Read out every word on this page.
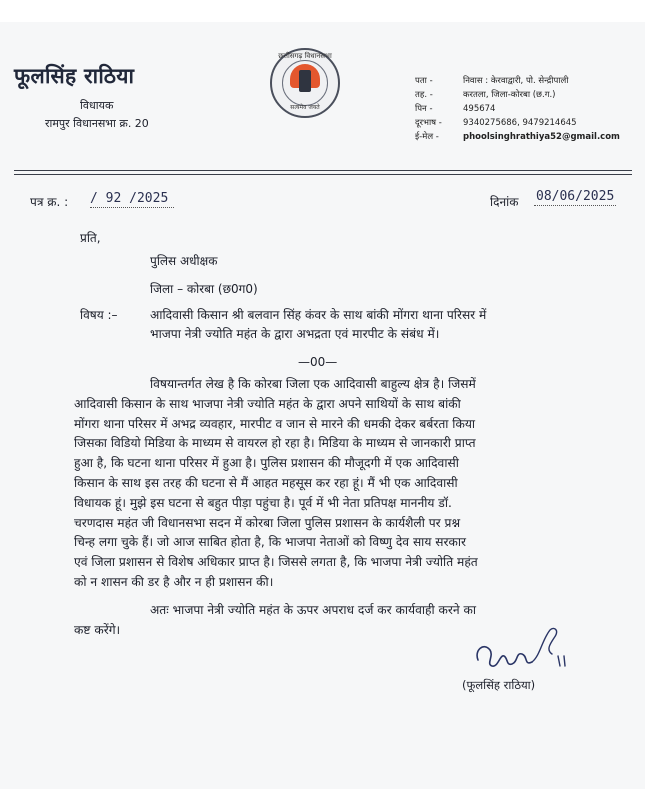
फूलसिंह राठिया
विधायक
रामपुर विधानसभा क्र. 20
छत्तीसगढ़ विधानसभा
सत्यमेव जयते
पता -	निवास : केरवाद्वारी, पो. सेन्द्रीपाली
तह. -	करतला, जिला-कोरबा (छ.ग.)
पिन -	495674
दूरभाष - 9340275686, 9479214645
ई-मेल -	phoolsinghrathiya52@gmail.com
पत्र क्र. : / 92 /2025	दिनांक 08/06/2025
प्रति,
पुलिस अधीक्षक
जिला – कोरबा (छ0ग0)
विषय :–	आदिवासी किसान श्री बलवान सिंह कंवर के साथ बांकी मोंगरा थाना परिसर में
भाजपा नेत्री ज्योति महंत के द्वारा अभद्रता एवं मारपीट के संबंध में।
—00—
विषयान्तर्गत लेख है कि कोरबा जिला एक आदिवासी बाहुल्य क्षेत्र है। जिसमें
आदिवासी किसान के साथ भाजपा नेत्री ज्योति महंत के द्वारा अपने साथियों के साथ बांकी
मोंगरा थाना परिसर में अभद्र व्यवहार, मारपीट व जान से मारने की धमकी देकर बर्बरता किया
जिसका विडियो मिडिया के माध्यम से वायरल हो रहा है। मिडिया के माध्यम से जानकारी प्राप्त
हुआ है, कि घटना थाना परिसर में हुआ है। पुलिस प्रशासन की मौजूदगी में एक आदिवासी
किसान के साथ इस तरह की घटना से मैं आहत महसूस कर रहा हूं। मैं भी एक आदिवासी
विधायक हूं। मुझे इस घटना से बहुत पीड़ा पहुंचा है। पूर्व में भी नेता प्रतिपक्ष माननीय डॉ.
चरणदास महंत जी विधानसभा सदन में कोरबा जिला पुलिस प्रशासन के कार्यशैली पर प्रश्न
चिन्ह लगा चुके हैं। जो आज साबित होता है, कि भाजपा नेताओं को विष्णु देव साय सरकार
एवं जिला प्रशासन से विशेष अधिकार प्राप्त है। जिससे लगता है, कि भाजपा नेत्री ज्योति महंत
को न शासन की डर है और न ही प्रशासन की।
अतः भाजपा नेत्री ज्योति महंत के ऊपर अपराध दर्ज कर कार्यवाही करने का
कष्ट करेंगे।
(फूलसिंह राठिया)
